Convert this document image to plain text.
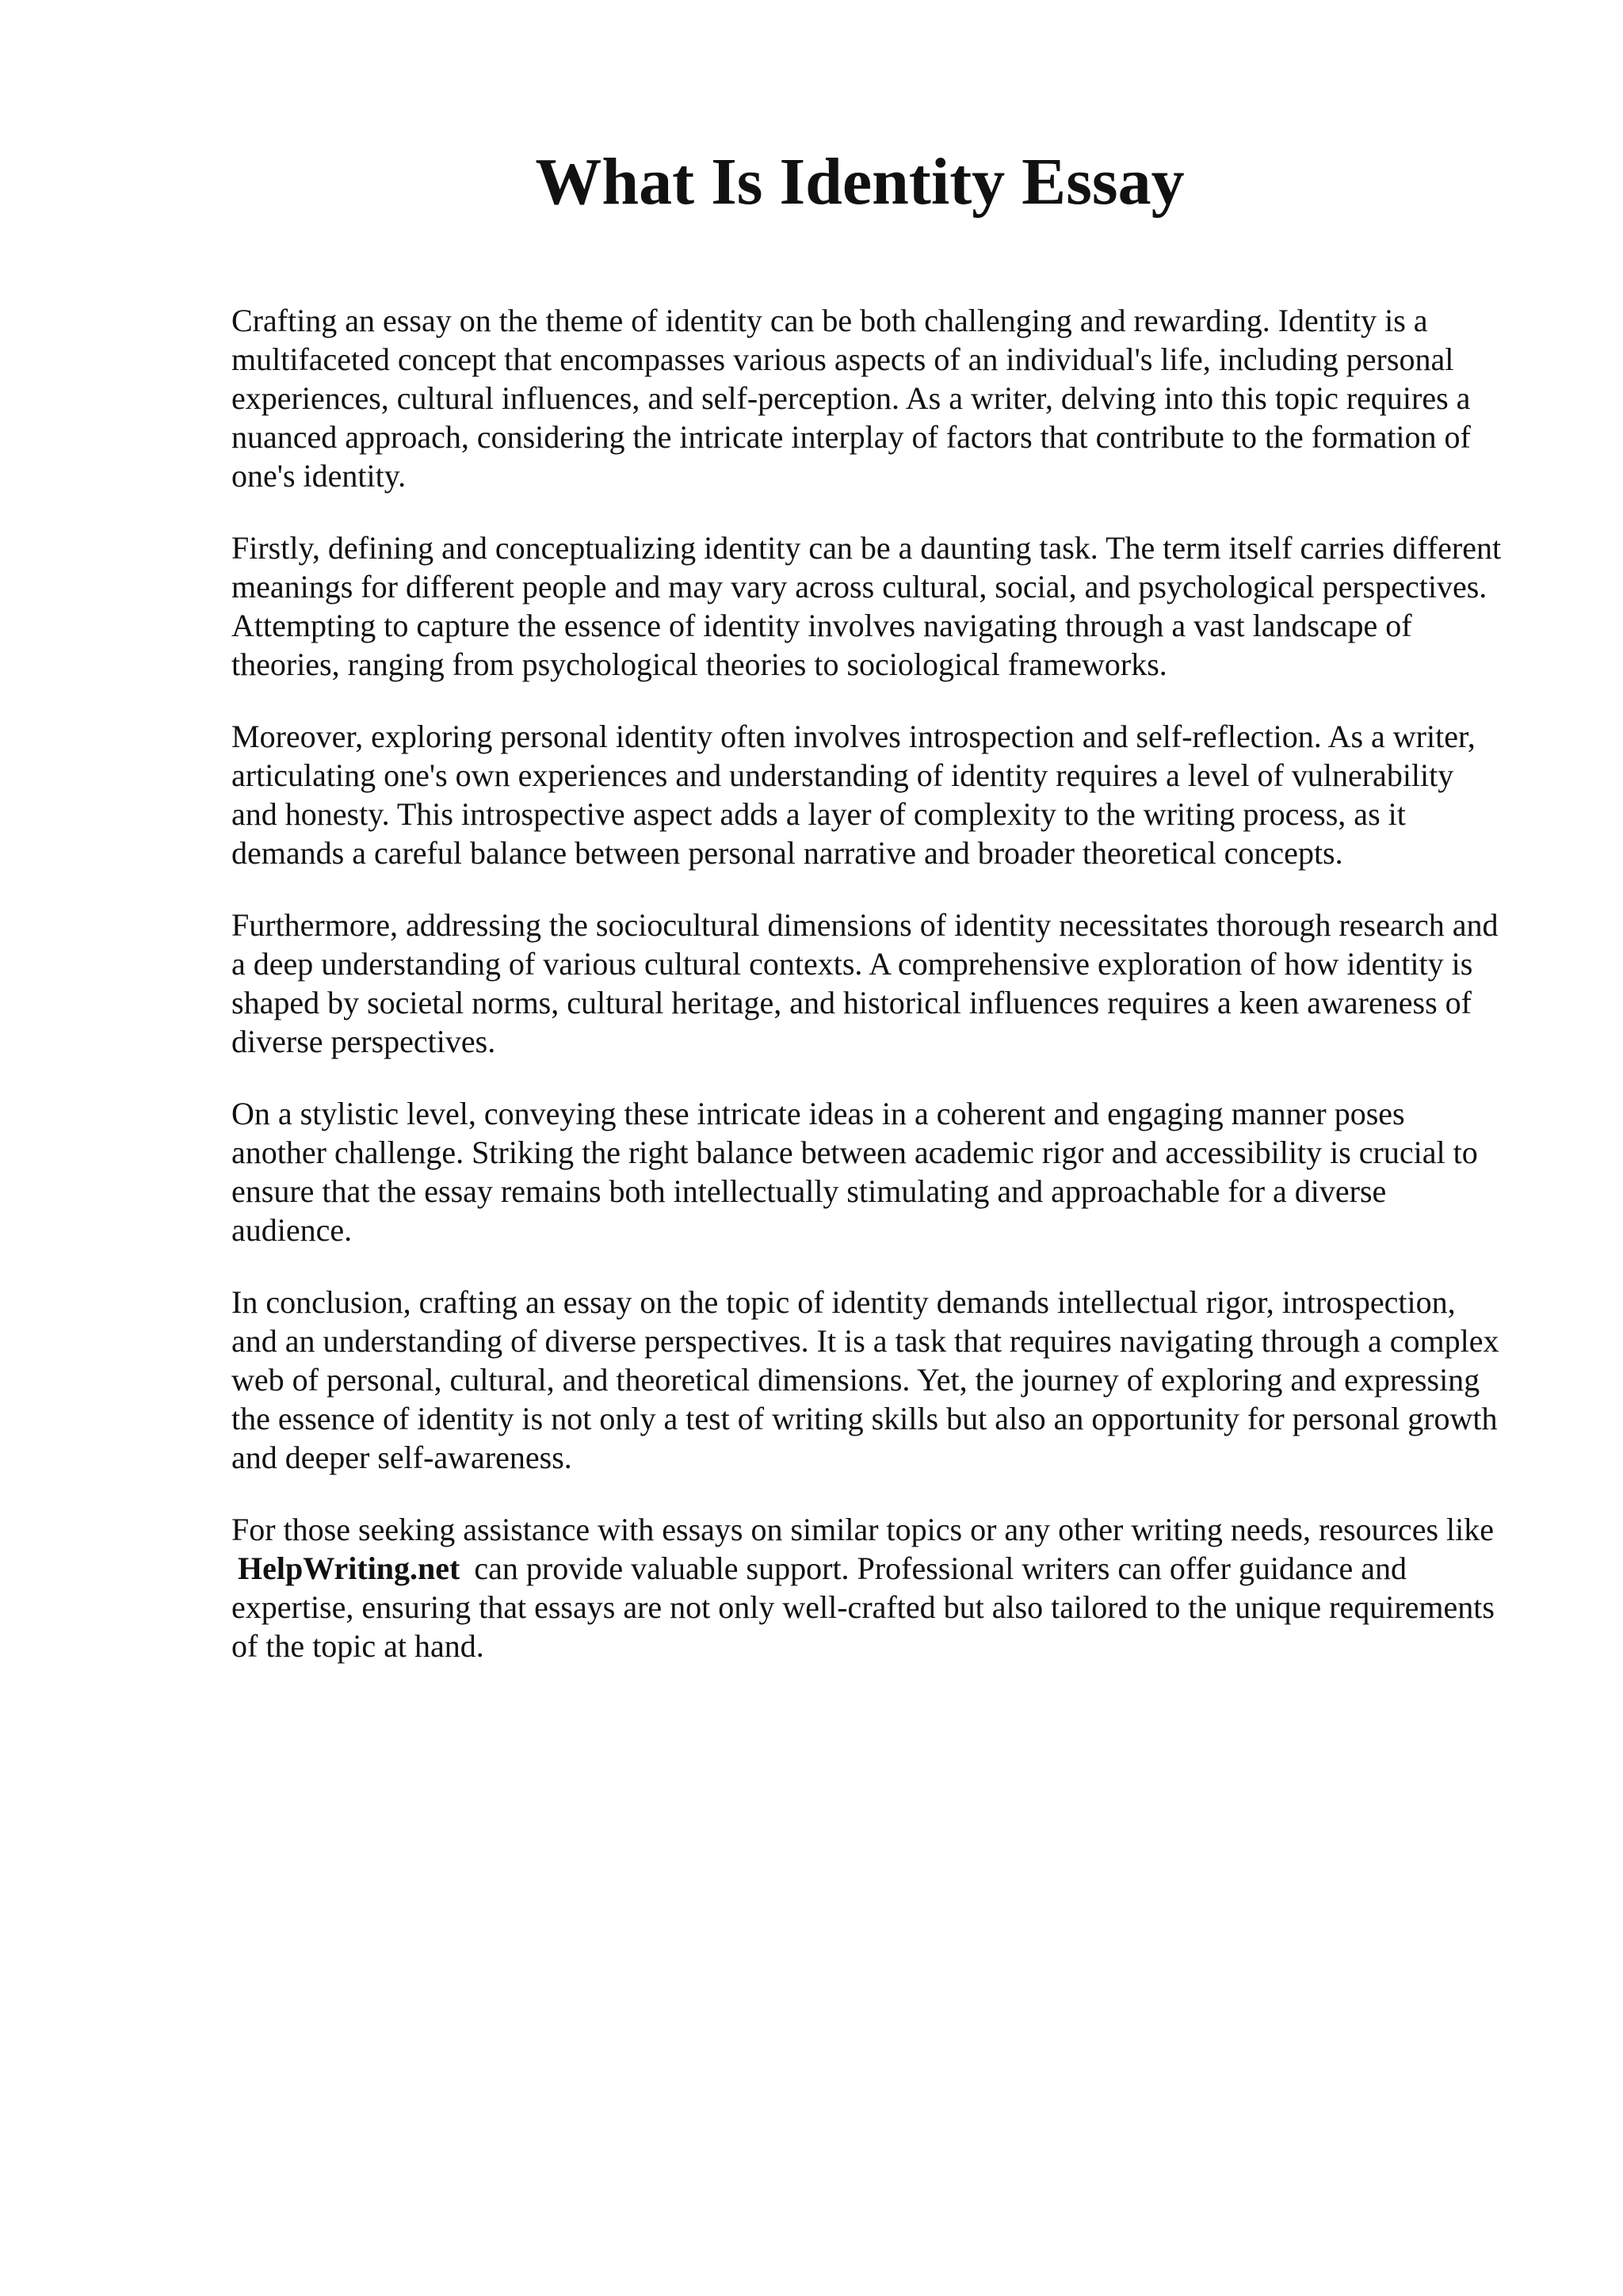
What Is Identity Essay

Crafting an essay on the theme of identity can be both challenging and rewarding. Identity is a multifaceted concept that encompasses various aspects of an individual's life, including personal experiences, cultural influences, and self-perception. As a writer, delving into this topic requires a nuanced approach, considering the intricate interplay of factors that contribute to the formation of one's identity.

Firstly, defining and conceptualizing identity can be a daunting task. The term itself carries different meanings for different people and may vary across cultural, social, and psychological perspectives. Attempting to capture the essence of identity involves navigating through a vast landscape of theories, ranging from psychological theories to sociological frameworks.

Moreover, exploring personal identity often involves introspection and self-reflection. As a writer, articulating one's own experiences and understanding of identity requires a level of vulnerability and honesty. This introspective aspect adds a layer of complexity to the writing process, as it demands a careful balance between personal narrative and broader theoretical concepts.

Furthermore, addressing the sociocultural dimensions of identity necessitates thorough research and a deep understanding of various cultural contexts. A comprehensive exploration of how identity is shaped by societal norms, cultural heritage, and historical influences requires a keen awareness of diverse perspectives.

On a stylistic level, conveying these intricate ideas in a coherent and engaging manner poses another challenge. Striking the right balance between academic rigor and accessibility is crucial to ensure that the essay remains both intellectually stimulating and approachable for a diverse audience.

In conclusion, crafting an essay on the topic of identity demands intellectual rigor, introspection, and an understanding of diverse perspectives. It is a task that requires navigating through a complex web of personal, cultural, and theoretical dimensions. Yet, the journey of exploring and expressing the essence of identity is not only a test of writing skills but also an opportunity for personal growth and deeper self-awareness.

For those seeking assistance with essays on similar topics or any other writing needs, resources like HelpWriting.net can provide valuable support. Professional writers can offer guidance and expertise, ensuring that essays are not only well-crafted but also tailored to the unique requirements of the topic at hand.
